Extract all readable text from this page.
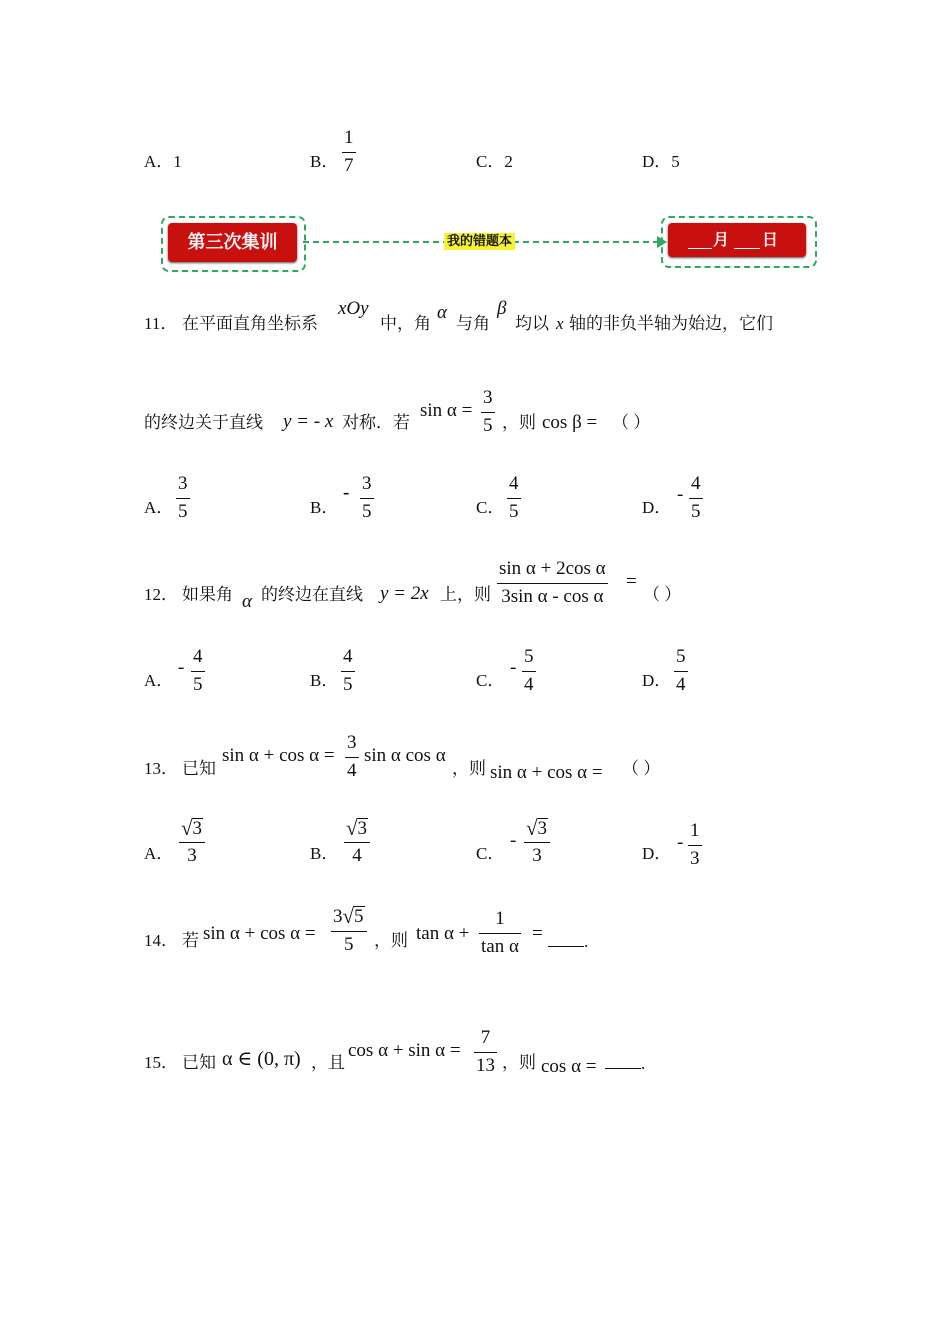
A．1	B．
1
7	C．2	D．5
第三次集训	我的错题本	月 日
11． 在平面直角坐标系
xOy
中，角
α
与角
β
均以 x 轴的非负半轴为始边，它们
的终边关于直线 y = - x 对称．若
sin α =
3
5 ，则 cos β = （ ）
A．
3
5	B．
- 3
5	C．
4
5	D．
-
4
5
12． 如果角 α 的终边在直线 y = 2x 上，则
sin α + 2cos α
3sin α - cos α
=
（ ）
A．
-
4
5	B．
4
5	C．
-
5
4	D．
5
4
13． 已知
sin α + cos α =
3
4
sin α cos α
，则 sin α + cos α = （ ）
A．
√ 3
3	B．
√ 3
4	C．
-
√ 3
3	D．
-
1
3
14． 若 sin α + cos α =
3 √ 5
5 ，则 tan α +
1
tan α
=	.
15． 已知 α ∈ (0, π) ，且
cos α + sin α =
7
13 ，则 cos α =	.
